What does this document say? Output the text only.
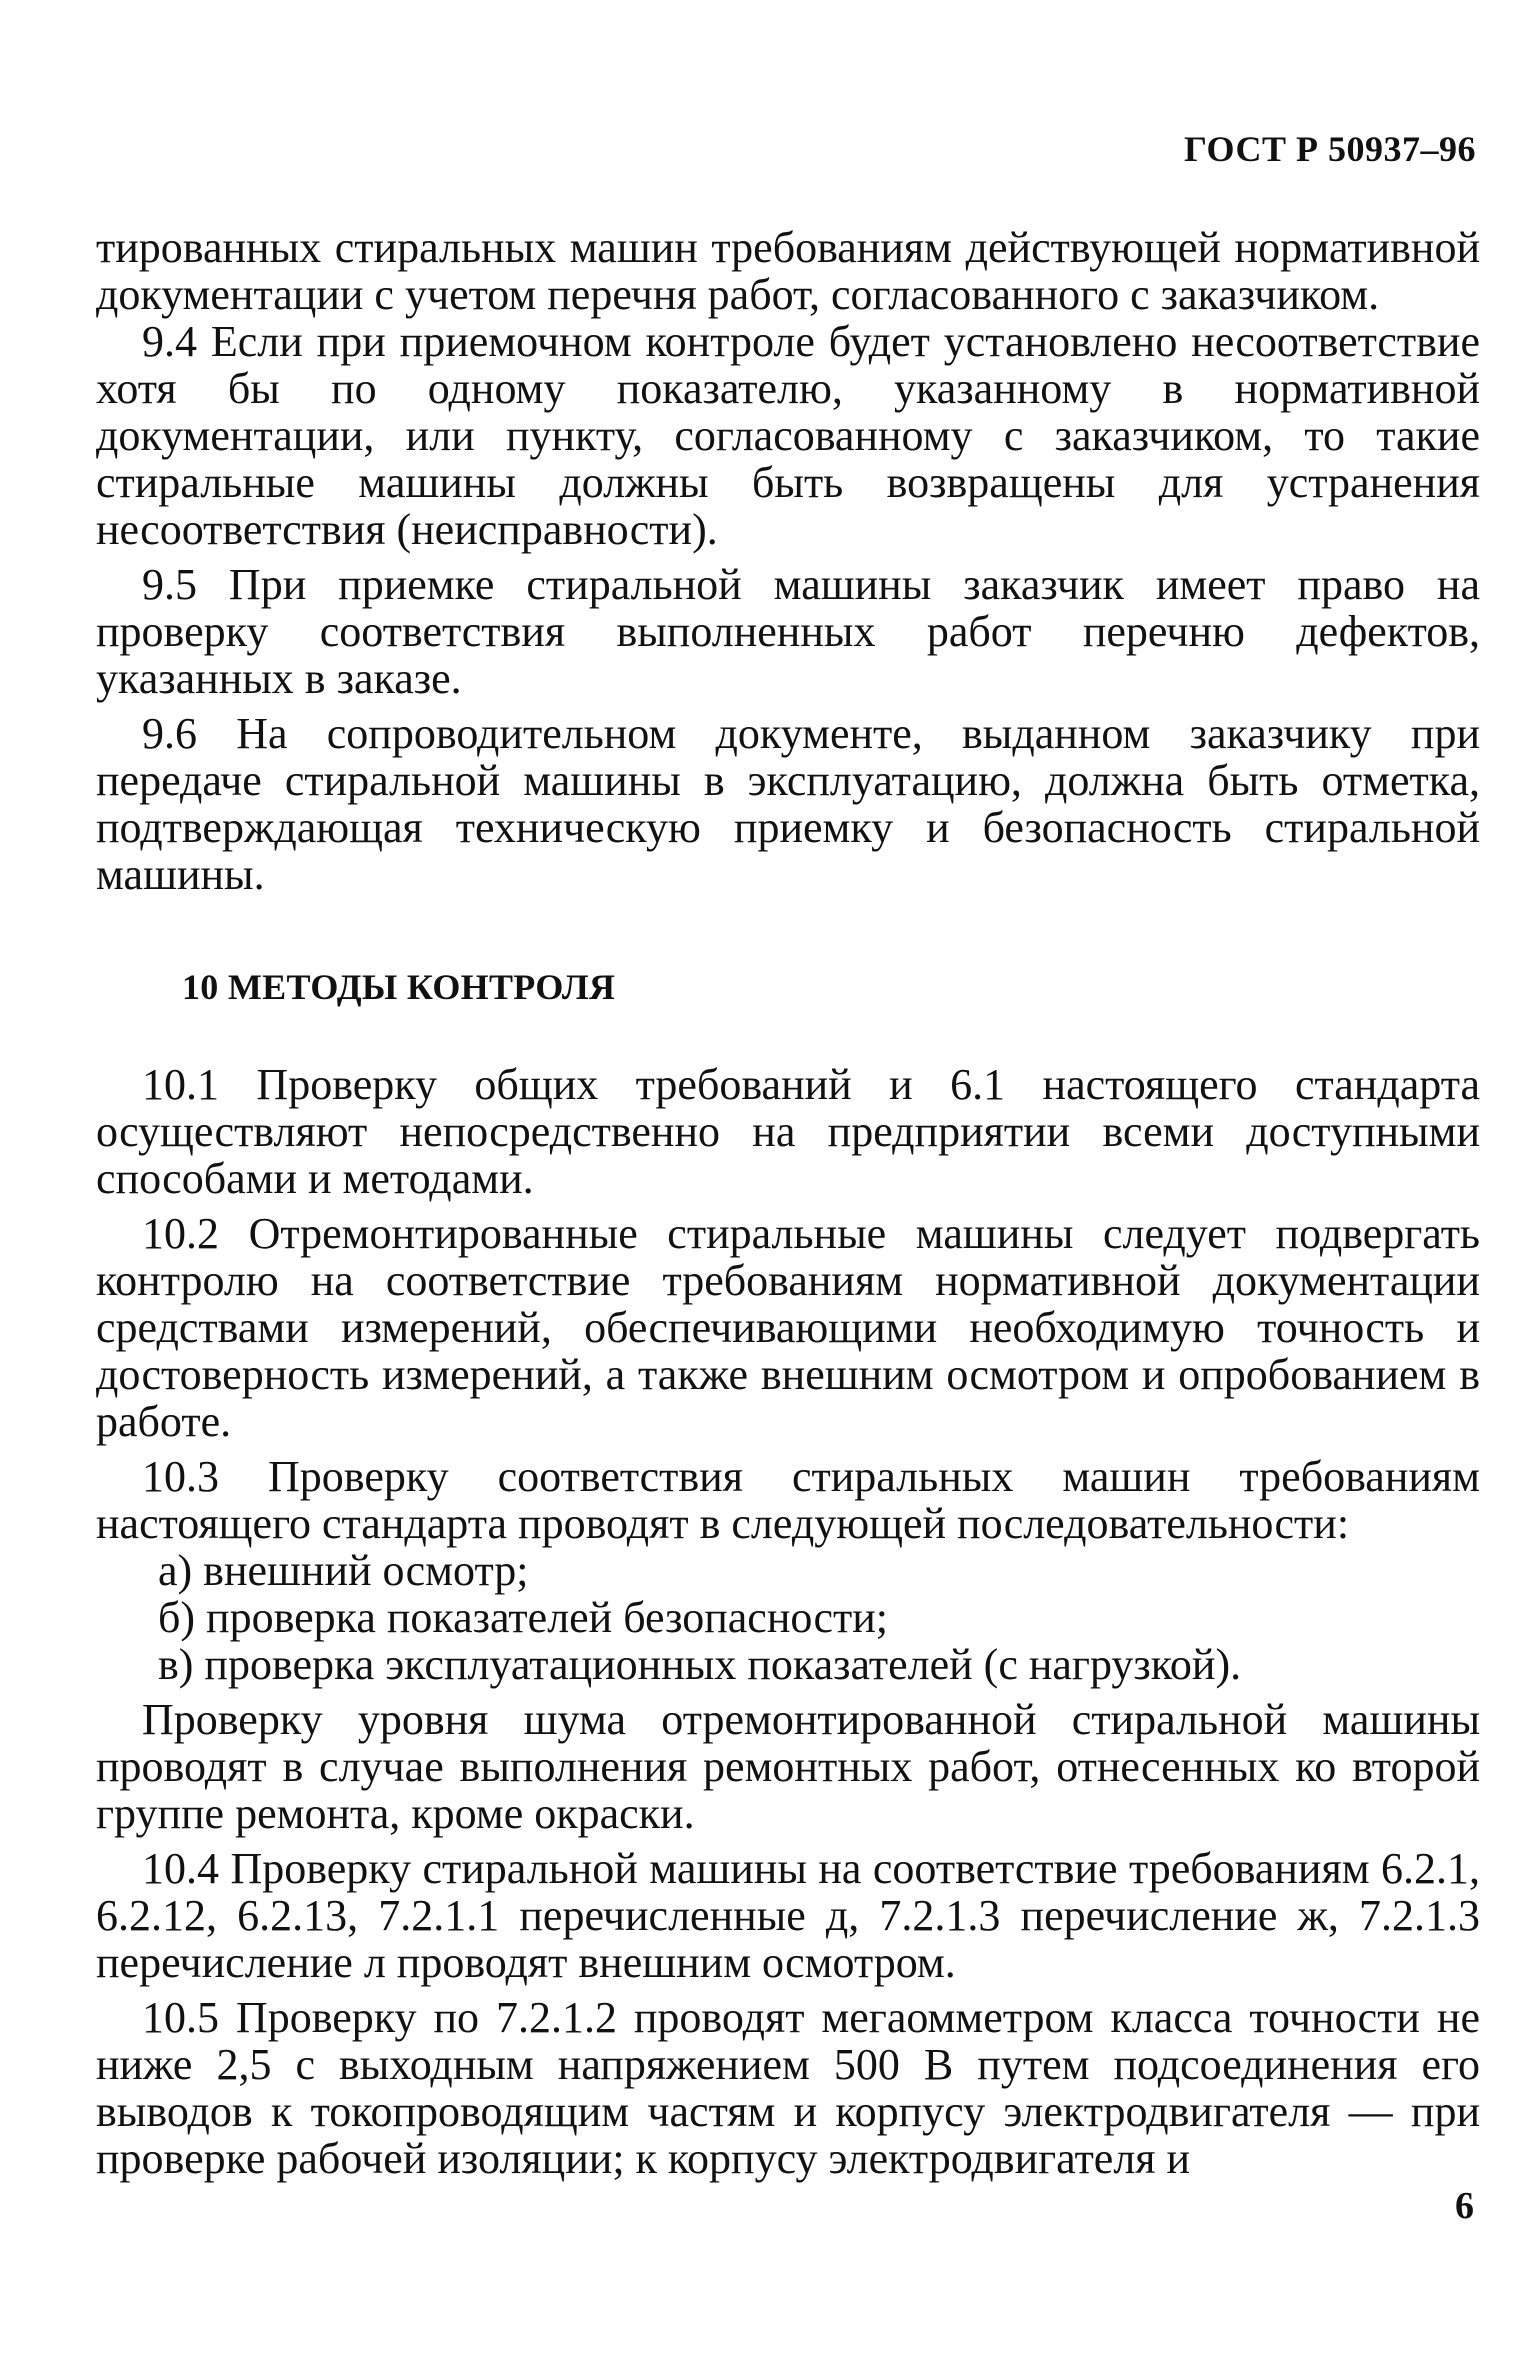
ГОСТ Р 50937–96

тированных стиральных машин требованиям действующей нормативной документации с учетом перечня работ, согласованного с заказчиком.

9.4 Если при приемочном контроле будет установлено несоответствие хотя бы по одному показателю, указанному в нормативной документации, или пункту, согласованному с заказчиком, то такие стиральные машины должны быть возвращены для устранения несоответствия (неисправности).

9.5 При приемке стиральной машины заказчик имеет право на проверку соответствия выполненных работ перечню дефектов, указанных в заказе.

9.6 На сопроводительном документе, выданном заказчику при передаче стиральной машины в эксплуатацию, должна быть отметка, подтверждающая техническую приемку и безопасность стиральной машины.

10 МЕТОДЫ КОНТРОЛЯ

10.1 Проверку общих требований и 6.1 настоящего стандарта осуществляют непосредственно на предприятии всеми доступными способами и методами.

10.2 Отремонтированные стиральные машины следует подвергать контролю на соответствие требованиям нормативной документации средствами измерений, обеспечивающими необходимую точность и достоверность измерений, а также внешним осмотром и опробованием в работе.

10.3 Проверку соответствия стиральных машин требованиям настоящего стандарта проводят в следующей последовательности:

а) внешний осмотр;

б) проверка показателей безопасности;

в) проверка эксплуатационных показателей (с нагрузкой).

Проверку уровня шума отремонтированной стиральной машины проводят в случае выполнения ремонтных работ, отнесенных ко второй группе ремонта, кроме окраски.

10.4 Проверку стиральной машины на соответствие требованиям 6.2.1, 6.2.12, 6.2.13, 7.2.1.1 перечисленные д, 7.2.1.3 перечисление ж, 7.2.1.3 перечисление л проводят внешним осмотром.

10.5 Проверку по 7.2.1.2 проводят мегаомметром класса точности не ниже 2,5 с выходным напряжением 500 В путем подсоединения его выводов к токопроводящим частям и корпусу электродвигателя — при проверке рабочей изоляции; к корпусу электродвигателя и

6
